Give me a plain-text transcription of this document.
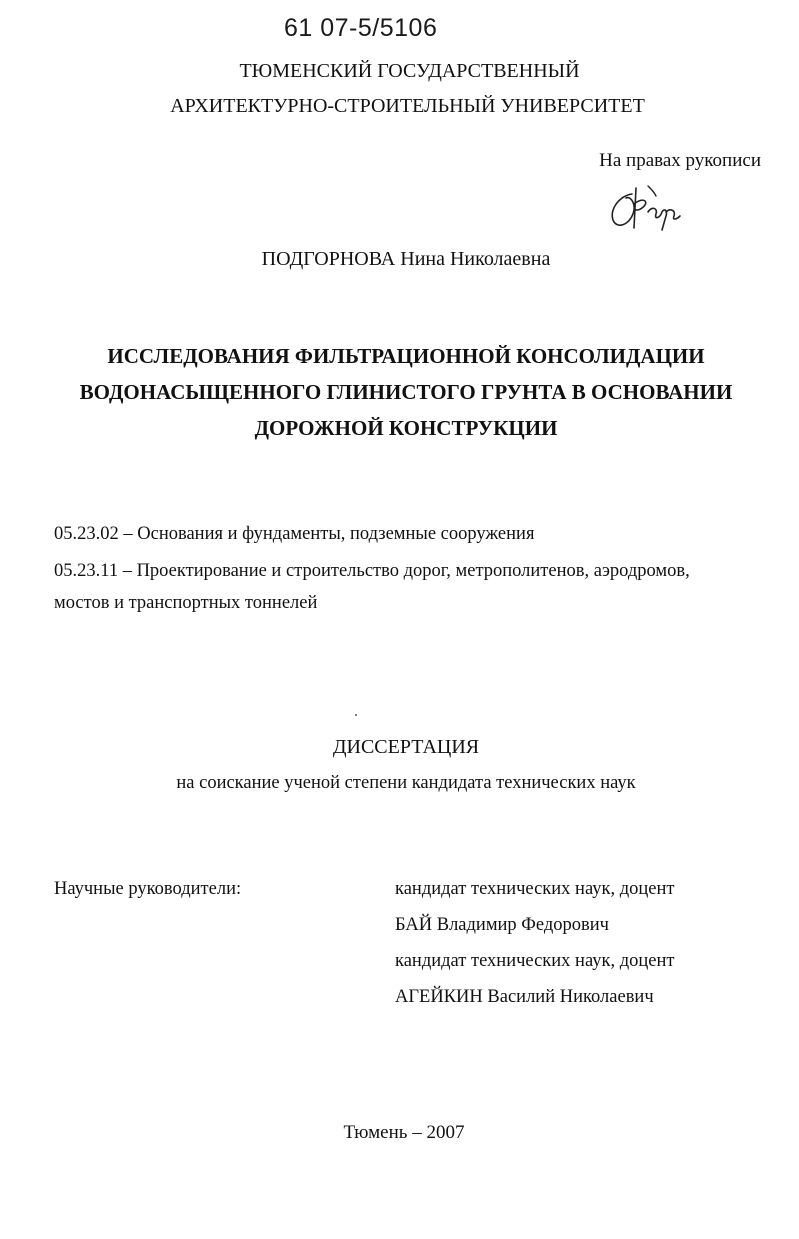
61 07-5/5106
ТЮМЕНСКИЙ ГОСУДАРСТВЕННЫЙ
АРХИТЕКТУРНО-СТРОИТЕЛЬНЫЙ УНИВЕРСИТЕТ
На правах рукописи
ПОДГОРНОВА Нина Николаевна
ИССЛЕДОВАНИЯ ФИЛЬТРАЦИОННОЙ КОНСОЛИДАЦИИ
ВОДОНАСЫЩЕННОГО ГЛИНИСТОГО ГРУНТА В ОСНОВАНИИ
ДОРОЖНОЙ КОНСТРУКЦИИ
05.23.02 – Основания и фундаменты, подземные сооружения
05.23.11 – Проектирование и строительство дорог, метрополитенов, аэродромов,
мостов и транспортных тоннелей
ДИССЕРТАЦИЯ
на соискание ученой степени кандидата технических наук
Научные руководители:	кандидат технических наук, доцент
БАЙ Владимир Федорович
кандидат технических наук, доцент
АГЕЙКИН Василий Николаевич
Тюмень – 2007
